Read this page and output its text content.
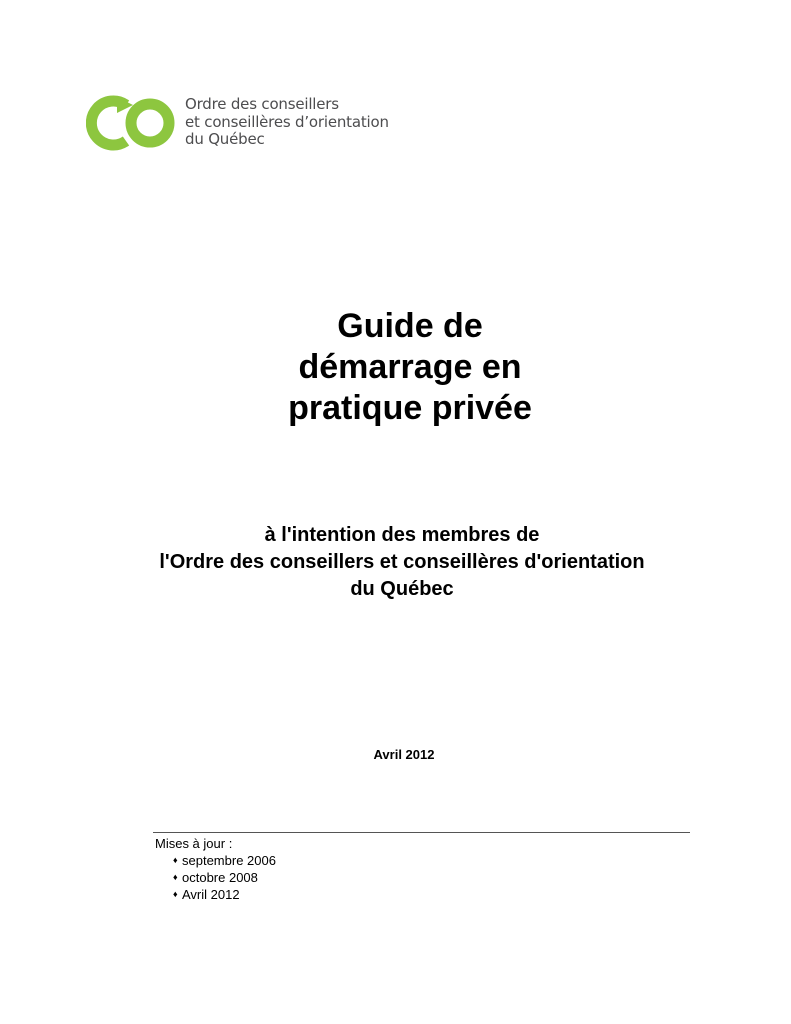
Ordre des conseillers
et conseillères d’orientation
du Québec
Guide de
démarrage en
pratique privée
à l'intention des membres de
l'Ordre des conseillers et conseillères d'orientation
du Québec
Avril 2012
Mises à jour :
♦ septembre 2006
♦ octobre 2008
♦ Avril 2012
